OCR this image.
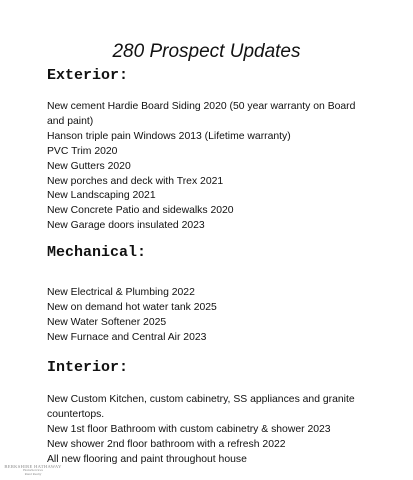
280 Prospect Updates
Exterior:
New cement Hardie Board Siding 2020 (50 year warranty on Board and paint)
Hanson triple pain Windows 2013 (Lifetime warranty)
PVC Trim 2020
New Gutters 2020
New porches and deck with Trex 2021
New Landscaping 2021
New Concrete Patio and sidewalks 2020
New Garage doors insulated 2023
Mechanical:
New Electrical & Plumbing 2022
New on demand hot water tank 2025
New Water Softener 2025
New Furnace and Central Air 2023
Interior:
New Custom Kitchen, custom cabinetry, SS appliances and granite countertops.
New 1st floor Bathroom with custom cabinetry & shower 2023
New shower 2nd floor bathroom with a refresh 2022
All new flooring and paint throughout house
BERKSHIRE HATHAWAY
HomeServices
Rand Realty
